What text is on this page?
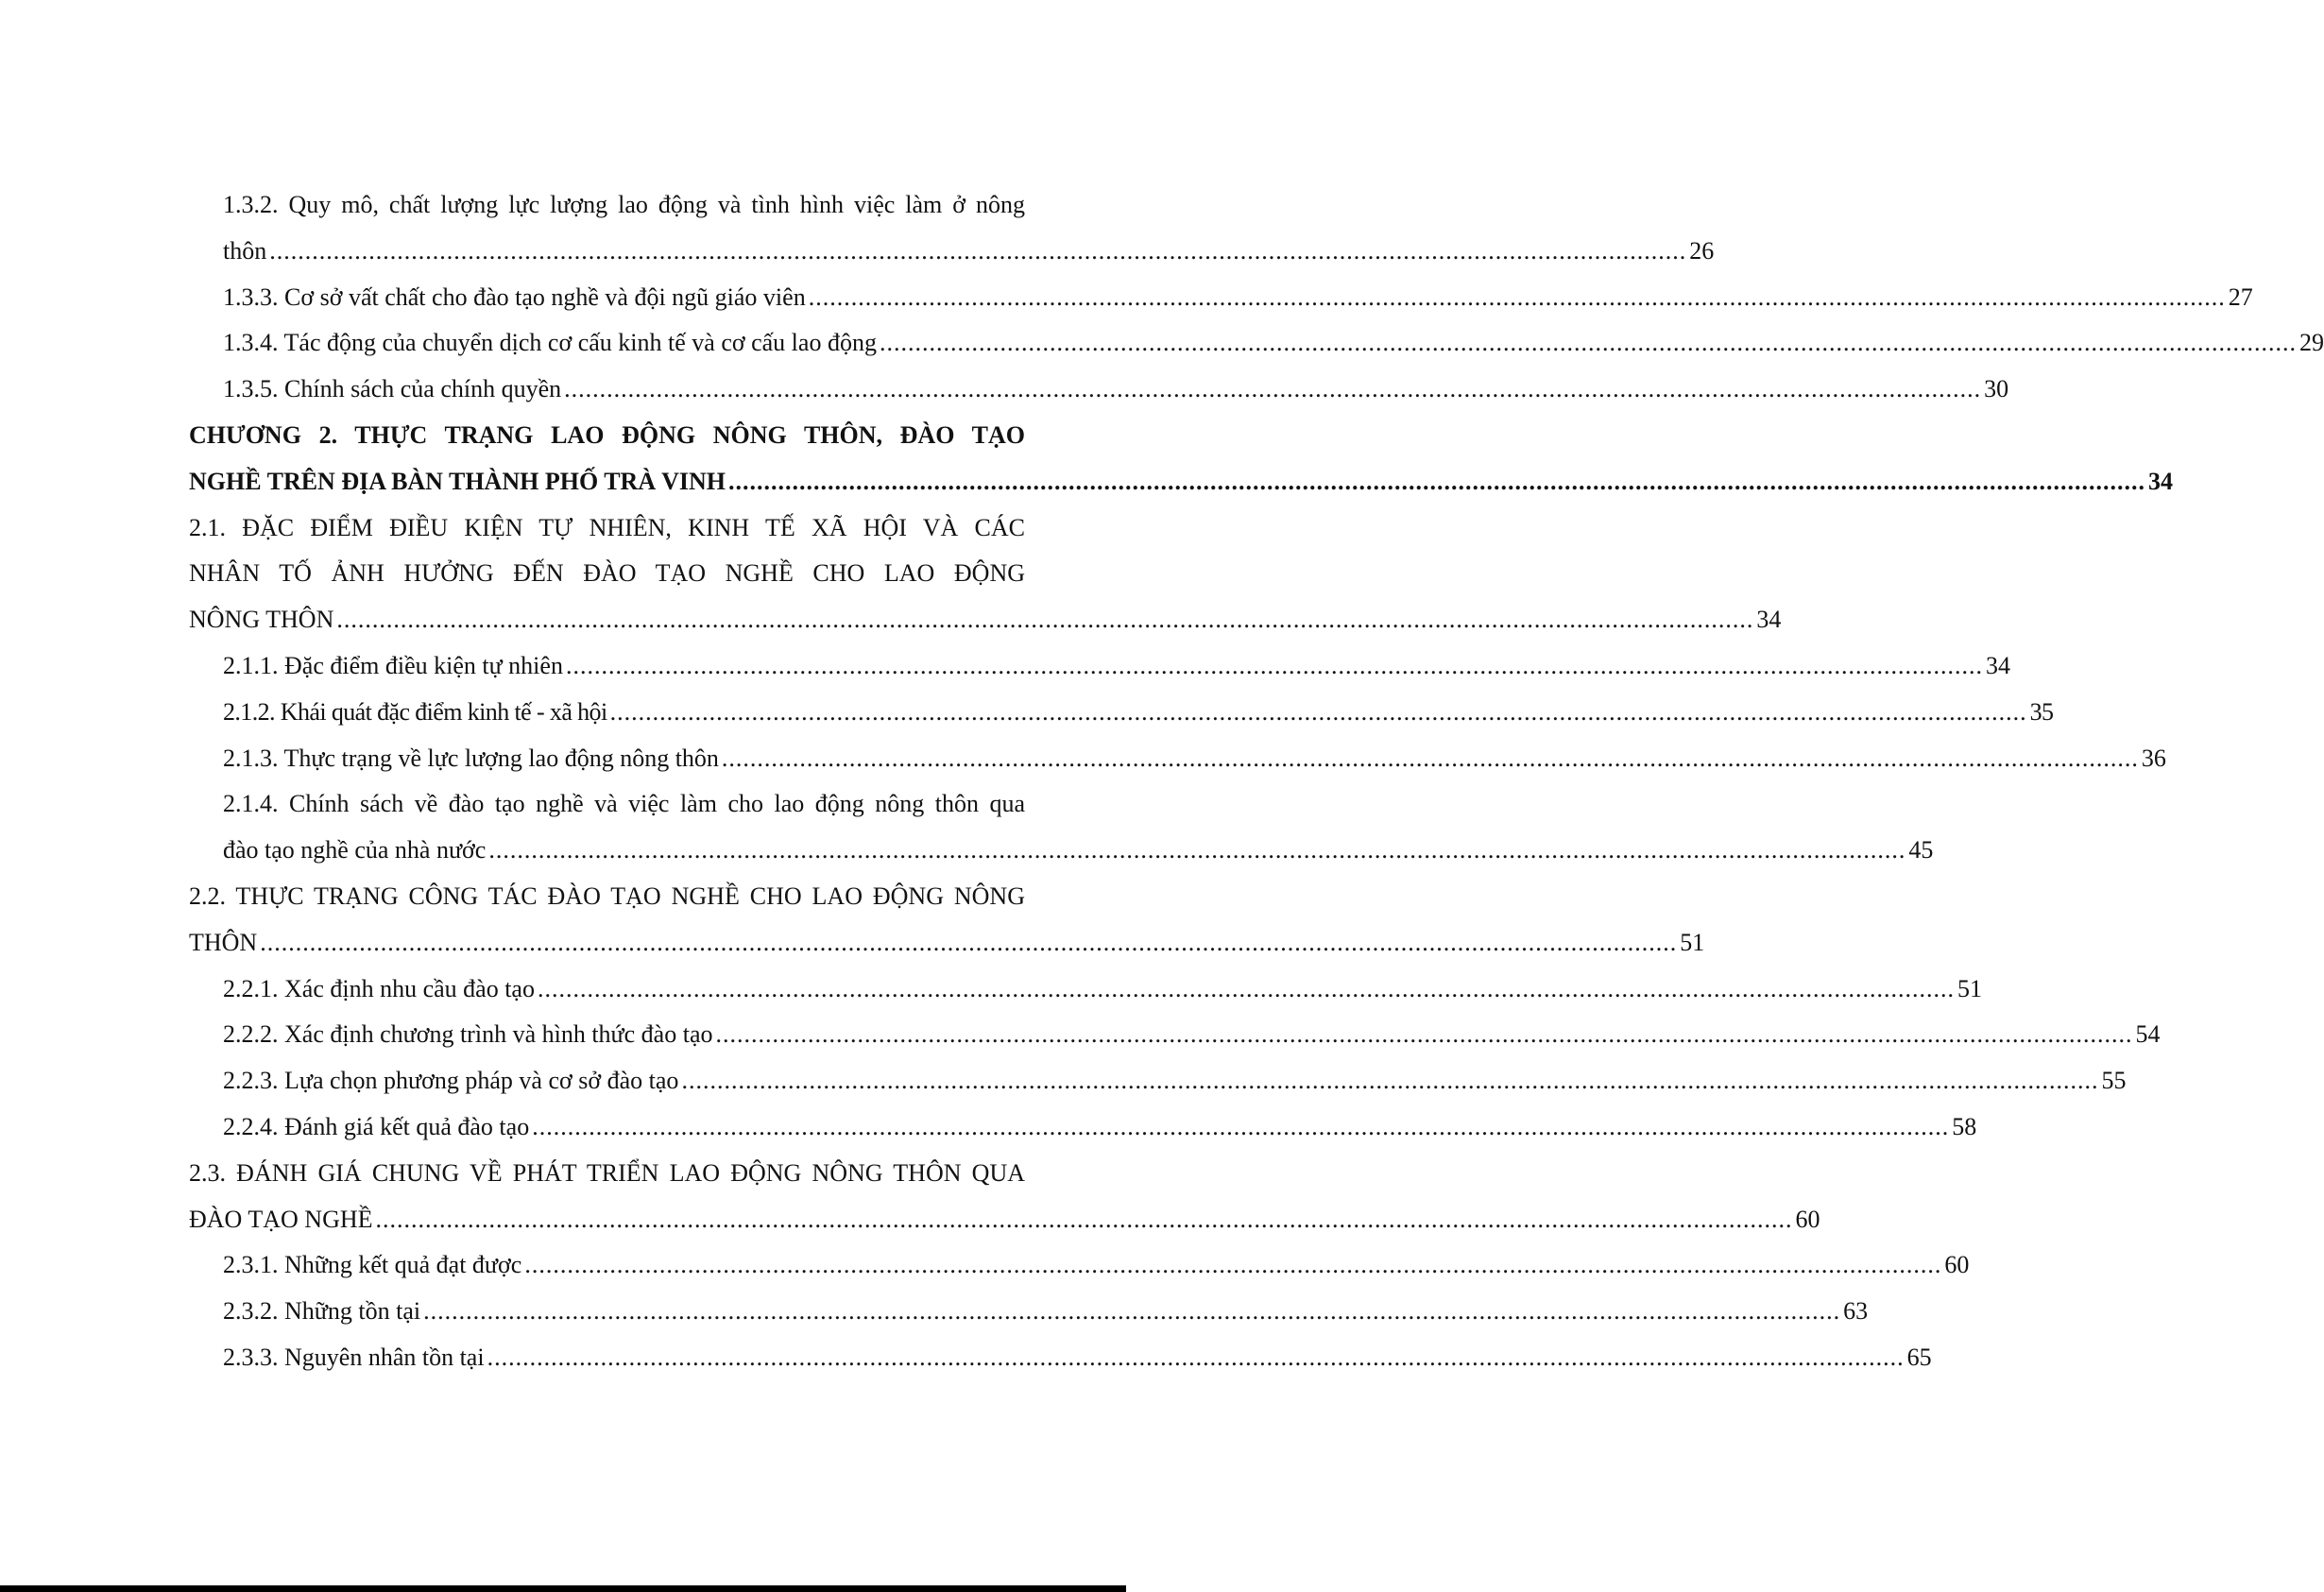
1.3.2. Quy mô, chất lượng lực lượng lao động và tình hình việc làm ở nông
thôn ........................................................................................................................................................................................................ 26
1.3.3. Cơ sở vất chất cho đào tạo nghề và đội ngũ giáo viên ........................................................................................................................................................................................................ 27
1.3.4. Tác động của chuyển dịch cơ cấu kinh tế và cơ cấu lao động ........................................................................................................................................................................................................ 29
1.3.5. Chính sách của chính quyền ........................................................................................................................................................................................................ 30
CHƯƠNG 2. THỰC TRẠNG LAO ĐỘNG NÔNG THÔN, ĐÀO TẠO
NGHỀ TRÊN ĐỊA BÀN THÀNH PHỐ TRÀ VINH ........................................................................................................................................................................................................ 34
2.1. ĐẶC ĐIỂM ĐIỀU KIỆN TỰ NHIÊN, KINH TẾ XÃ HỘI VÀ CÁC
NHÂN TỐ ẢNH HƯỞNG ĐẾN ĐÀO TẠO NGHỀ CHO LAO ĐỘNG
NÔNG THÔN ........................................................................................................................................................................................................ 34
2.1.1. Đặc điểm điều kiện tự nhiên ........................................................................................................................................................................................................ 34
2.1.2. Khái quát đặc điểm kinh tế - xã hội ........................................................................................................................................................................................................ 35
2.1.3. Thực trạng về lực lượng lao động nông thôn ........................................................................................................................................................................................................ 36
2.1.4. Chính sách về đào tạo nghề và việc làm cho lao động nông thôn qua
đào tạo nghề của nhà nước ........................................................................................................................................................................................................ 45
2.2. THỰC TRẠNG CÔNG TÁC ĐÀO TẠO NGHỀ CHO LAO ĐỘNG NÔNG
THÔN ........................................................................................................................................................................................................ 51
2.2.1. Xác định nhu cầu đào tạo ........................................................................................................................................................................................................ 51
2.2.2. Xác định chương trình và hình thức đào tạo ........................................................................................................................................................................................................ 54
2.2.3. Lựa chọn phương pháp và cơ sở đào tạo ........................................................................................................................................................................................................ 55
2.2.4. Đánh giá kết quả đào tạo ........................................................................................................................................................................................................ 58
2.3. ĐÁNH GIÁ CHUNG VỀ PHÁT TRIỂN LAO ĐỘNG NÔNG THÔN QUA
ĐÀO TẠO NGHỀ ........................................................................................................................................................................................................ 60
2.3.1. Những kết quả đạt được ........................................................................................................................................................................................................ 60
2.3.2. Những tồn tại ........................................................................................................................................................................................................ 63
2.3.3. Nguyên nhân tồn tại ........................................................................................................................................................................................................ 65
